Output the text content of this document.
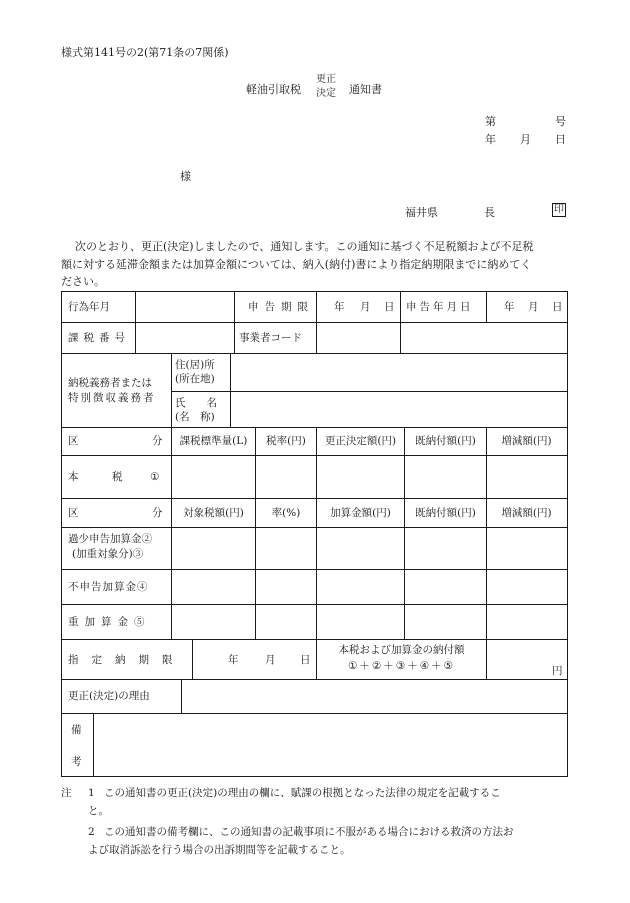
様式第141号の2(第71条の7関係)
軽油引取税
更正
決定 通知書
第	号
年 月 日
様
福井県	長	印
次のとおり、更正(決定)しましたので、通知します。この通知に基づく不足税額および不足税
額に対する延滞金額または加算金額については、納入(納付)書により指定納期限までに納めてく
ださい。
行為年月	申告期限 年 月 日 申告年月日	年 月 日
課税番号	事業者コード
納税義務者または
特別徴収義務者
住(居)所
(所在地)
氏　　名
(名　称)
区	分	課税標準量(L)	税率(円)	更正決定額(円)	既納付額(円)	増減額(円)
本	税	①
区	分	対象税額(円)	率(%)	加算金額(円)	既納付額(円)	増減額(円)
過少申告加算金②
(加重対象分)③
不申告加算金④
重加算金⑤
指定納期限	年	月 日
本税および加算金の納付額
①＋②＋③＋④＋⑤	円
更正(決定)の理由
備
考
注 1 この通知書の更正(決定)の理由の欄に、賦課の根拠となった法律の規定を記載するこ
と。
2 この通知書の備考欄に、この通知書の記載事項に不服がある場合における救済の方法お
よび取消訴訟を行う場合の出訴期間等を記載すること。
